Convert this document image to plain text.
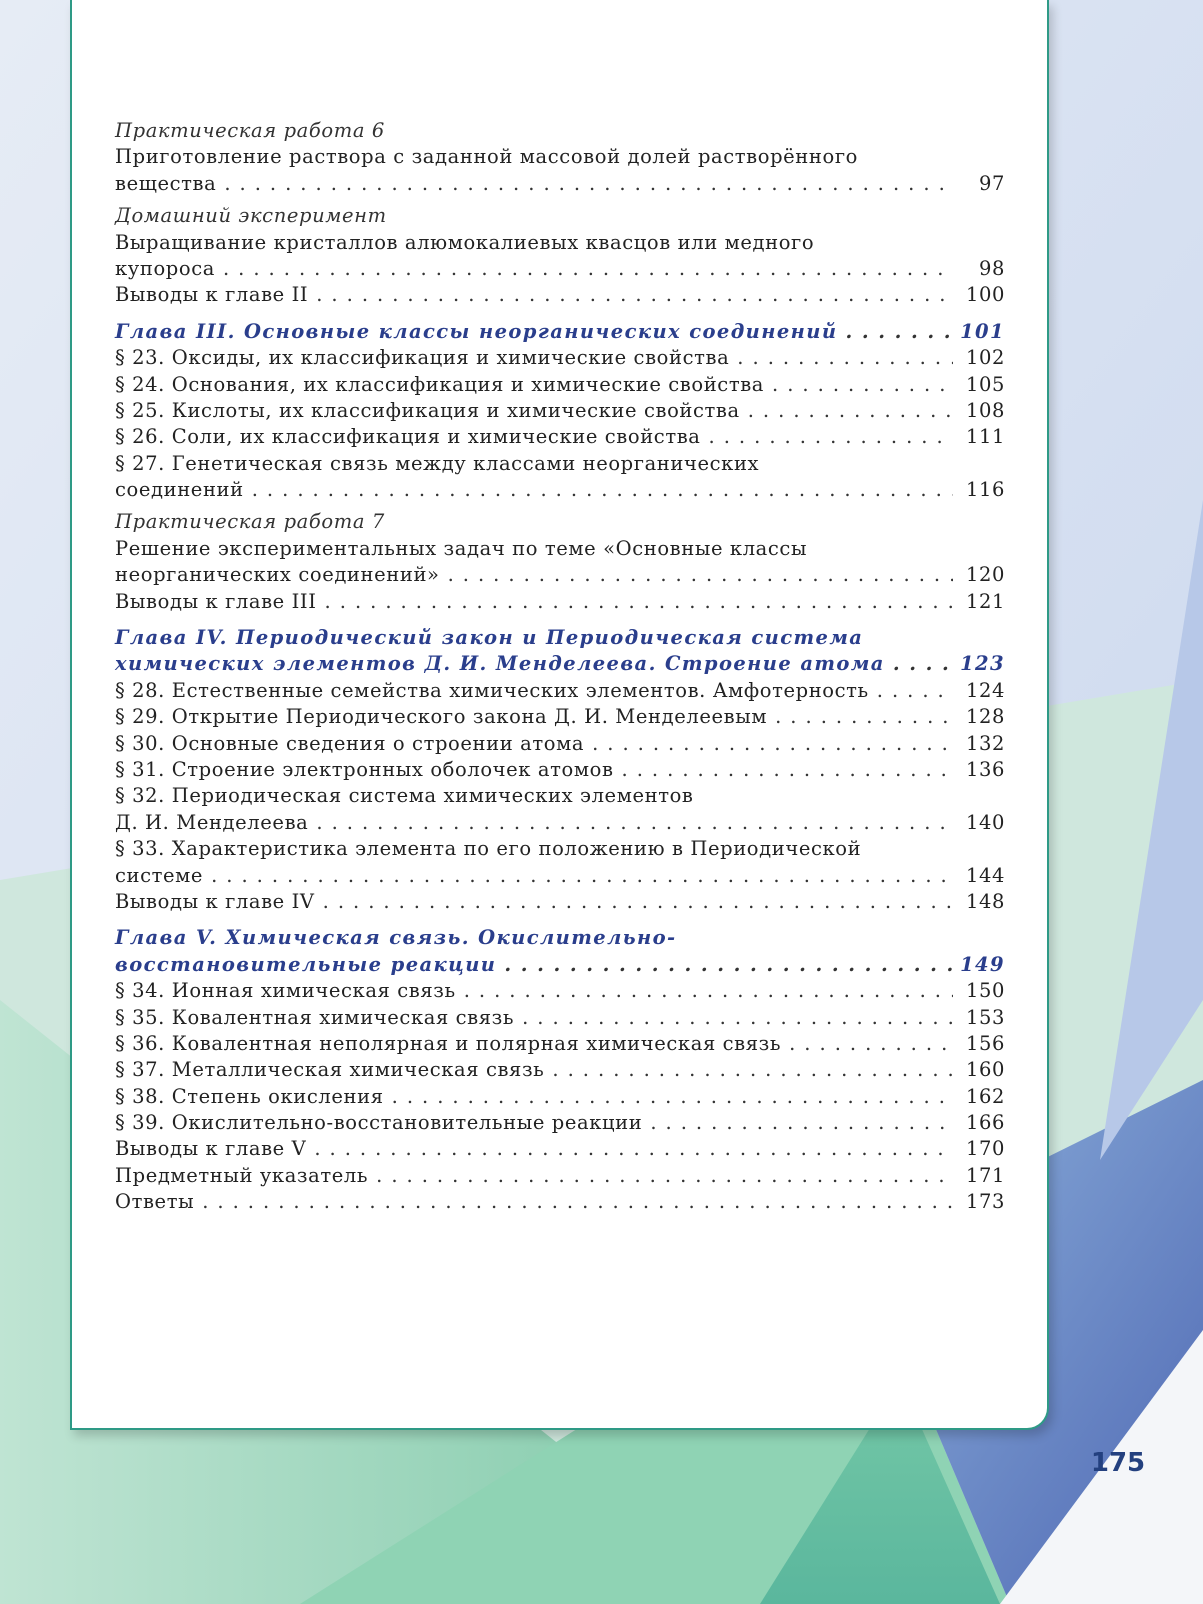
Практическая работа 6
Приготовление раствора с заданной массовой долей растворённого
вещества . . .	97
Домашний эксперимент
Выращивание кристаллов алюмокалиевых квасцов или медного
купороса . . .	98
Выводы к главе II . . .	100
Глава III. Основные классы неорганических соединений . . .	101
§ 23. Оксиды, их классификация и химические свойства . . .	102
§ 24. Основания, их классификация и химические свойства . . .	105
§ 25. Кислоты, их классификация и химические свойства . . .	108
§ 26. Соли, их классификация и химические свойства . . .	111
§ 27. Генетическая связь между классами неорганических
соединений . . .	116
Практическая работа 7
Решение экспериментальных задач по теме «Основные классы
неорганических соединений» . . .	120
Выводы к главе III . . .	121
Глава IV. Периодический закон и Периодическая система
химических элементов Д. И. Менделеева. Строение атома . . .	123
§ 28. Естественные семейства химических элементов. Амфотерность . . .	124
§ 29. Открытие Периодического закона Д. И. Менделеевым . . .	128
§ 30. Основные сведения о строении атома . . .	132
§ 31. Строение электронных оболочек атомов . . .	136
§ 32. Периодическая система химических элементов
Д. И. Менделеева . . .	140
§ 33. Характеристика элемента по его положению в Периодической
системе . . .	144
Выводы к главе IV . . .	148
Глава V. Химическая связь. Окислительно-
восстановительные реакции . . .	149
§ 34. Ионная химическая связь . . .	150
§ 35. Ковалентная химическая связь . . .	153
§ 36. Ковалентная неполярная и полярная химическая связь . . .	156
§ 37. Металлическая химическая связь . . .	160
§ 38. Степень окисления . . .	162
§ 39. Окислительно-восстановительные реакции . . .	166
Выводы к главе V . . .	170
Предметный указатель . . .	171
Ответы . . .	173
175
